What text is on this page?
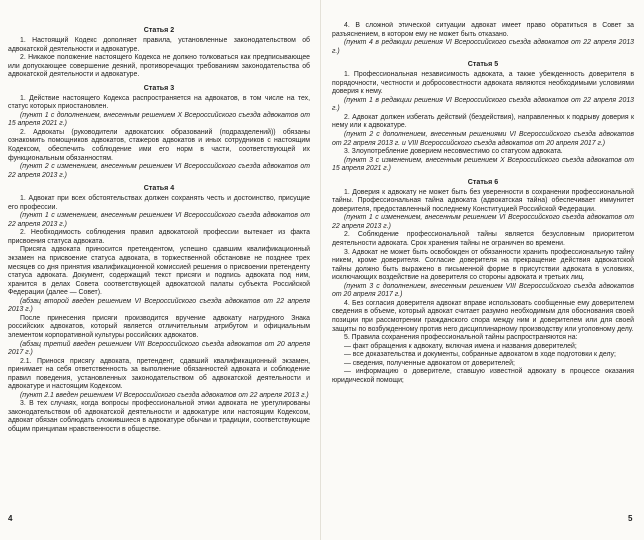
Статья 2
1. Настоящий Кодекс дополняет правила, установленные законодательством об адвокатской деятельности и адвокатуре.
2. Никакое положение настоящего Кодекса не должно толковаться как предписывающее или допускающее совершение деяний, противоречащих требованиям законодательства об адвокатской деятельности и адвокатуре.
Статья 3
1. Действие настоящего Кодекса распространяется на адвокатов, в том числе на тех, статус которых приостановлен.
(пункт 1 с дополнением, внесенным решением X Всероссийского съезда адвокатов от 15 апреля 2021 г.)
2. Адвокаты (руководители адвокатских образований (подразделений)) обязаны ознакомить помощников адвокатов, стажеров адвокатов и иных сотрудников с настоящим Кодексом, обеспечить соблюдение ими его норм в части, соответствующей их функциональным обязанностям.
(пункт 2 с изменением, внесенным решением VI Всероссийского съезда адвокатов от 22 апреля 2013 г.)
Статья 4
1. Адвокат при всех обстоятельствах должен сохранять честь и достоинство, присущие его профессии.
(пункт 1 с изменением, внесенным решением VI Всероссийского съезда адвокатов от 22 апреля 2013 г.)
2. Необходимость соблюдения правил адвокатской профессии вытекает из факта присвоения статуса адвоката.
Присяга адвоката приносится претендентом, успешно сдавшим квалификационный экзамен на присвоение статуса адвоката, в торжественной обстановке не позднее трех месяцев со дня принятия квалификационной комиссией решения о присвоении претенденту статуса адвоката. Документ, содержащий текст присяги и подпись адвоката под ним, хранится в делах Совета соответствующей адвокатской палаты субъекта Российской Федерации (далее — Совет).
(абзац второй введен решением VI Всероссийского съезда адвокатов от 22 апреля 2013 г.)
После принесения присяги производится вручение адвокату нагрудного Знака российских адвокатов, который является отличительным атрибутом и официальным элементом корпоративной культуры российских адвокатов.
(абзац третий введен решением VIII Всероссийского съезда адвокатов от 20 апреля 2017 г.)
2.1. Принося присягу адвоката, претендент, сдавший квалификационный экзамен, принимает на себя ответственность за выполнение обязанностей адвоката и соблюдение правил поведения, установленных законодательством об адвокатской деятельности и адвокатуре и настоящим Кодексом.
(пункт 2.1 введен решением VI Всероссийского съезда адвокатов от 22 апреля 2013 г.)
3. В тех случаях, когда вопросы профессиональной этики адвоката не урегулированы законодательством об адвокатской деятельности и адвокатуре или настоящим Кодексом, адвокат обязан соблюдать сложившиеся в адвокатуре обычаи и традиции, соответствующие общим принципам нравственности в обществе.
4. В сложной этической ситуации адвокат имеет право обратиться в Совет за разъяснением, в котором ему не может быть отказано.
(пункт 4 в редакции решения VI Всероссийского съезда адвокатов от 22 апреля 2013 г.)
Статья 5
1. Профессиональная независимость адвоката, а также убежденность доверителя в порядочности, честности и добросовестности адвоката являются необходимыми условиями доверия к нему.
(пункт 1 в редакции решения VI Всероссийского съезда адвокатов от 22 апреля 2013 г.)
2. Адвокат должен избегать действий (бездействия), направленных к подрыву доверия к нему или к адвокатуре.
(пункт 2 с дополнением, внесенным решениями VI Всероссийского съезда адвокатов от 22 апреля 2013 г. и VIII Всероссийского съезда адвокатов от 20 апреля 2017 г.)
3. Злоупотребление доверием несовместимо со статусом адвоката.
(пункт 3 с изменением, внесенным решением X Всероссийского съезда адвокатов от 15 апреля 2021 г.)
Статья 6
1. Доверия к адвокату не может быть без уверенности в сохранении профессиональной тайны. Профессиональная тайна адвоката (адвокатская тайна) обеспечивает иммунитет доверителя, предоставленный последнему Конституцией Российской Федерации.
(пункт 1 с изменением, внесенным решением VI Всероссийского съезда адвокатов от 22 апреля 2013 г.)
2. Соблюдение профессиональной тайны является безусловным приоритетом деятельности адвоката. Срок хранения тайны не ограничен во времени.
3. Адвокат не может быть освобожден от обязанности хранить профессиональную тайну никем, кроме доверителя. Согласие доверителя на прекращение действия адвокатской тайны должно быть выражено в письменной форме в присутствии адвоката в условиях, исключающих воздействие на доверителя со стороны адвоката и третьих лиц.
(пункт 3 с дополнением, внесенным решением VIII Всероссийского съезда адвокатов от 20 апреля 2017 г.)
4. Без согласия доверителя адвокат вправе использовать сообщенные ему доверителем сведения в объеме, который адвокат считает разумно необходимым для обоснования своей позиции при рассмотрении гражданского спора между ним и доверителем или для своей защиты по возбужденному против него дисциплинарному производству или уголовному делу.
5. Правила сохранения профессиональной тайны распространяются на:
— факт обращения к адвокату, включая имена и названия доверителей;
— все доказательства и документы, собранные адвокатом в ходе подготовки к делу;
— сведения, полученные адвокатом от доверителей;
— информацию о доверителе, ставшую известной адвокату в процессе оказания юридической помощи;
4	5
